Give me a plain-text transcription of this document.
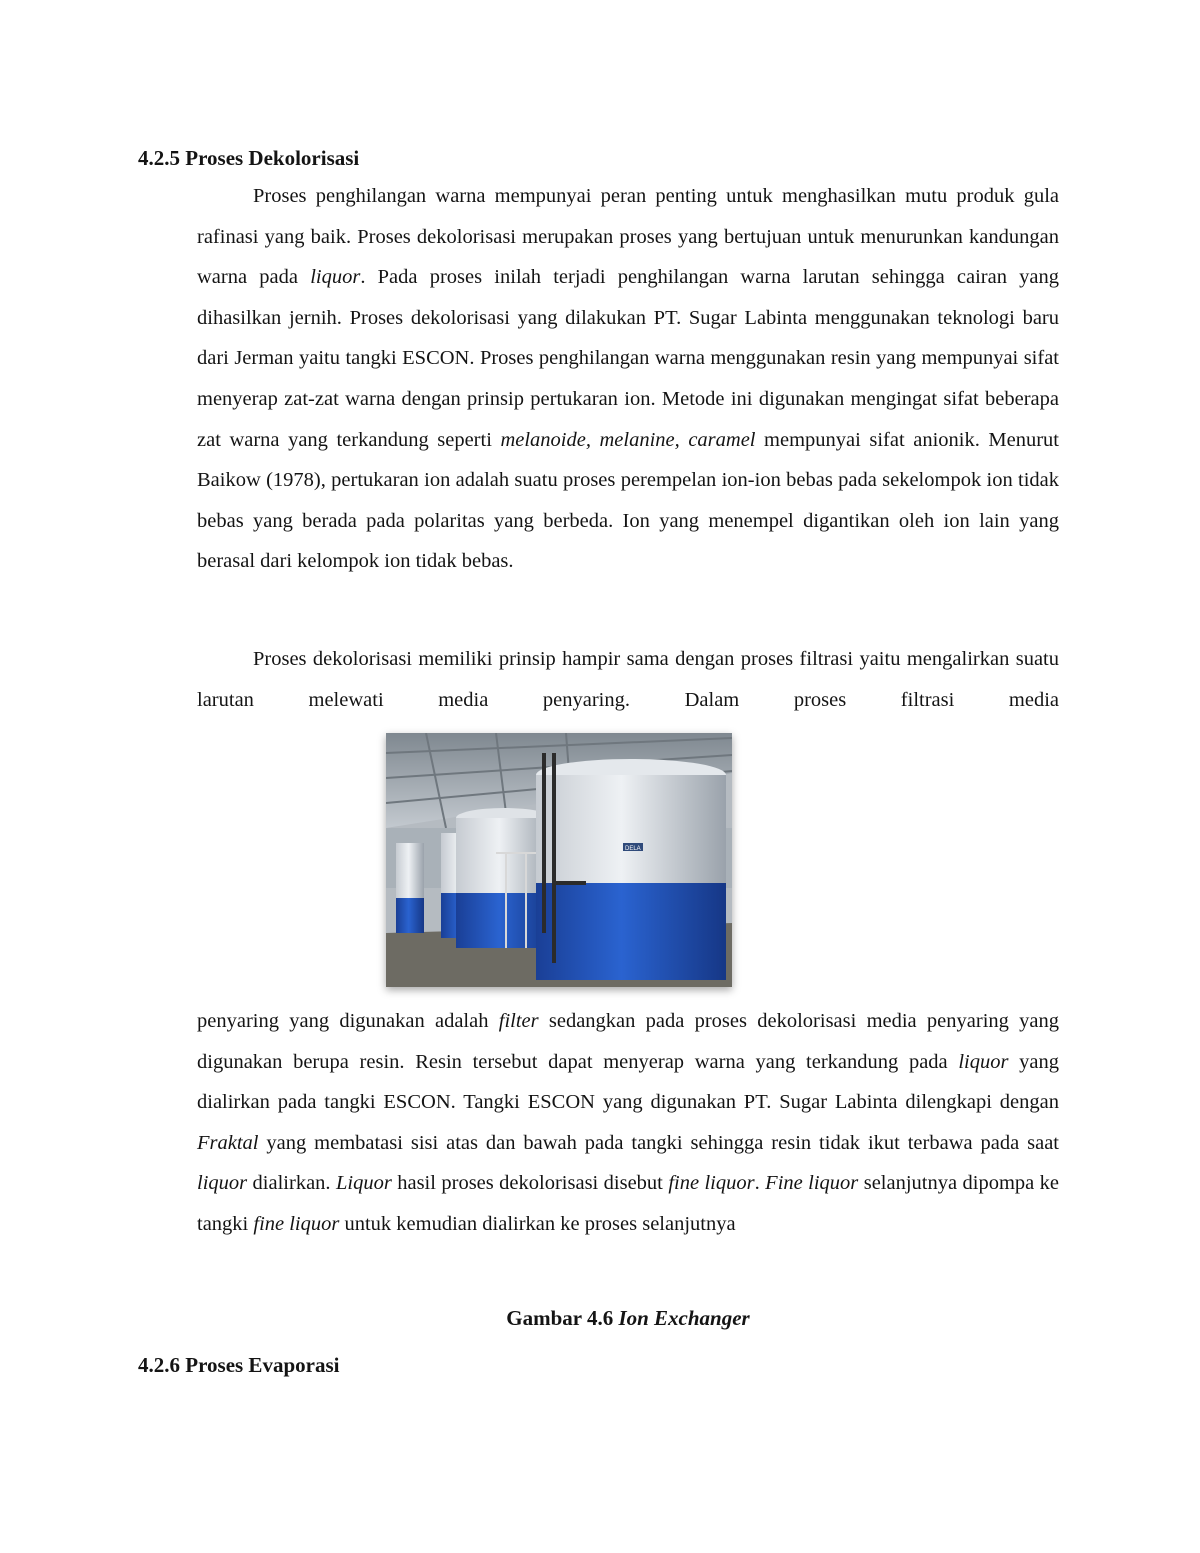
4.2.5 Proses Dekolorisasi

Proses penghilangan warna mempunyai peran penting untuk menghasilkan mutu produk gula rafinasi yang baik. Proses dekolorisasi merupakan proses yang bertujuan untuk menurunkan kandungan warna pada liquor. Pada proses inilah terjadi penghilangan warna larutan sehingga cairan yang dihasilkan jernih. Proses dekolorisasi yang dilakukan PT. Sugar Labinta menggunakan teknologi baru dari Jerman yaitu tangki ESCON. Proses penghilangan warna menggunakan resin yang mempunyai sifat menyerap zat-zat warna dengan prinsip pertukaran ion. Metode ini digunakan mengingat sifat beberapa zat warna yang terkandung seperti melanoide, melanine, caramel mempunyai sifat anionik. Menurut Baikow (1978), pertukaran ion adalah suatu proses perempelan ion-ion bebas pada sekelompok ion tidak bebas yang berada pada polaritas yang berbeda. Ion yang menempel digantikan oleh ion lain yang berasal dari kelompok ion tidak bebas.

Proses dekolorisasi memiliki prinsip hampir sama dengan proses filtrasi yaitu mengalirkan suatu larutan melewati media penyaring. Dalam proses filtrasi media

DELA

penyaring yang digunakan adalah filter sedangkan pada proses dekolorisasi media penyaring yang digunakan berupa resin. Resin tersebut dapat menyerap warna yang terkandung pada liquor yang dialirkan pada tangki ESCON. Tangki ESCON yang digunakan PT. Sugar Labinta dilengkapi dengan Fraktal yang membatasi sisi atas dan bawah pada tangki sehingga resin tidak ikut terbawa pada saat liquor dialirkan. Liquor hasil proses dekolorisasi disebut fine liquor. Fine liquor selanjutnya dipompa ke tangki fine liquor untuk kemudian dialirkan ke proses selanjutnya

Gambar 4.6 Ion Exchanger

4.2.6 Proses Evaporasi
